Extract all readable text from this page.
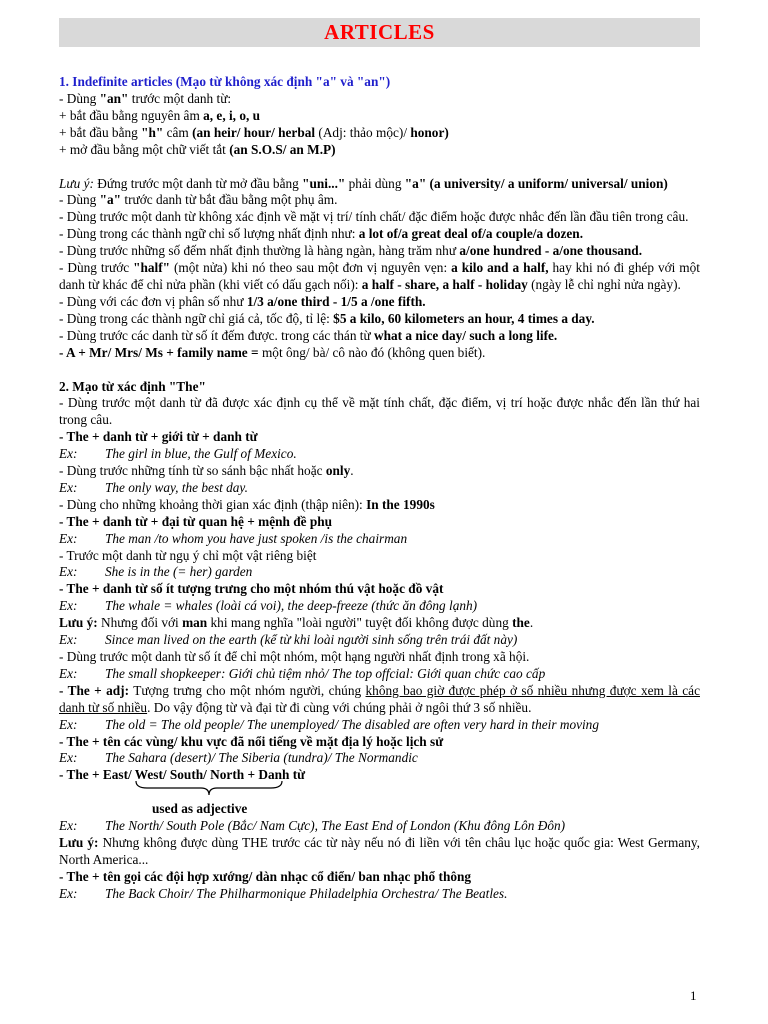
ARTICLES
1. Indefinite articles (Mạo từ không xác định "a" và "an")
- Dùng "an" trước một danh từ:
+ bắt đầu bằng nguyên âm a, e, i, o, u
+ bắt đầu bằng "h" câm (an heir/ hour/ herbal (Adj: thảo mộc)/ honor)
+ mở đầu bằng một chữ viết tắt (an S.O.S/ an M.P)
Lưu ý: Đứng trước một danh từ mở đầu bằng "uni..." phải dùng "a" (a university/ a uniform/ universal/ union)
- Dùng "a" trước danh từ bắt đầu bằng một phụ âm.
- Dùng trước một danh từ không xác định về mặt vị trí/ tính chất/ đặc điểm hoặc được nhắc đến lần đầu tiên trong câu.
- Dùng trong các thành ngữ chỉ số lượng nhất định như: a lot of/a great deal of/a couple/a dozen.
- Dùng trước những số đếm nhất định thường là hàng ngàn, hàng trăm như a/one hundred - a/one thousand.
- Dùng trước "half" (một nửa) khi nó theo sau một đơn vị nguyên vẹn: a kilo and a half, hay khi nó đi ghép với một danh từ khác để chỉ nửa phần (khi viết có dấu gạch nối): a half - share, a half - holiday (ngày lễ chỉ nghỉ nửa ngày).
- Dùng với các đơn vị phân số như 1/3 a/one third - 1/5 a /one fifth.
- Dùng trong các thành ngữ chỉ giá cả, tốc độ, tỉ lệ: $5 a kilo, 60 kilometers an hour, 4 times a day.
- Dùng trước các danh từ số ít đếm được. trong các thán từ what a nice day/ such a long life.
- A + Mr/ Mrs/ Ms + family name = một ông/ bà/ cô nào đó (không quen biết).
2. Mạo từ xác định "The"
- Dùng trước một danh từ đã được xác định cụ thể về mặt tính chất, đặc điểm, vị trí hoặc được nhắc đến lần thứ hai trong câu.
- The + danh từ + giới từ + danh từ
Ex: The girl in blue, the Gulf of Mexico.
- Dùng trước những tính từ so sánh bậc nhất hoặc only.
Ex: The only way, the best day.
- Dùng cho những khoảng thời gian xác định (thập niên): In the 1990s
- The + danh từ + đại từ quan hệ + mệnh đề phụ
Ex: The man /to whom you have just spoken /is the chairman
- Trước một danh từ ngụ ý chỉ một vật riêng biệt
Ex: She is in the (= her) garden
- The + danh từ số ít tượng trưng cho một nhóm thú vật hoặc đồ vật
Ex: The whale = whales (loài cá voi), the deep-freeze (thức ăn đông lạnh)
Lưu ý: Nhưng đối với man khi mang nghĩa "loài người" tuyệt đối không được dùng the.
Ex: Since man lived on the earth (kể từ khi loài người sinh sống trên trái đất này)
- Dùng trước một danh từ số ít để chỉ một nhóm, một hạng người nhất định trong xã hội.
Ex: The small shopkeeper: Giới chủ tiệm nhỏ/ The top offcial: Giới quan chức cao cấp
- The + adj: Tượng trưng cho một nhóm người, chúng không bao giờ được phép ở số nhiều nhưng được xem là các danh từ số nhiều. Do vậy động từ và đại từ đi cùng với chúng phải ở ngôi thứ 3 số nhiều.
Ex: The old = The old people/ The unemployed/ The disabled are often very hard in their moving
- The + tên các vùng/ khu vực đã nổi tiếng về mặt địa lý hoặc lịch sử
Ex: The Sahara (desert)/ The Siberia (tundra)/ The Normandic
- The + East/ West/ South/ North + Danh từ
used as adjective
Ex: The North/ South Pole (Bắc/ Nam Cực), The East End of London (Khu đông Lôn Đôn)
Lưu ý: Nhưng không được dùng THE trước các từ này nếu nó đi liền với tên châu lục hoặc quốc gia: West Germany, North America...
- The + tên gọi các đội hợp xướng/ dàn nhạc cổ điển/ ban nhạc phổ thông
Ex: The Back Choir/ The Philharmonique Philadelphia Orchestra/ The Beatles.
1
